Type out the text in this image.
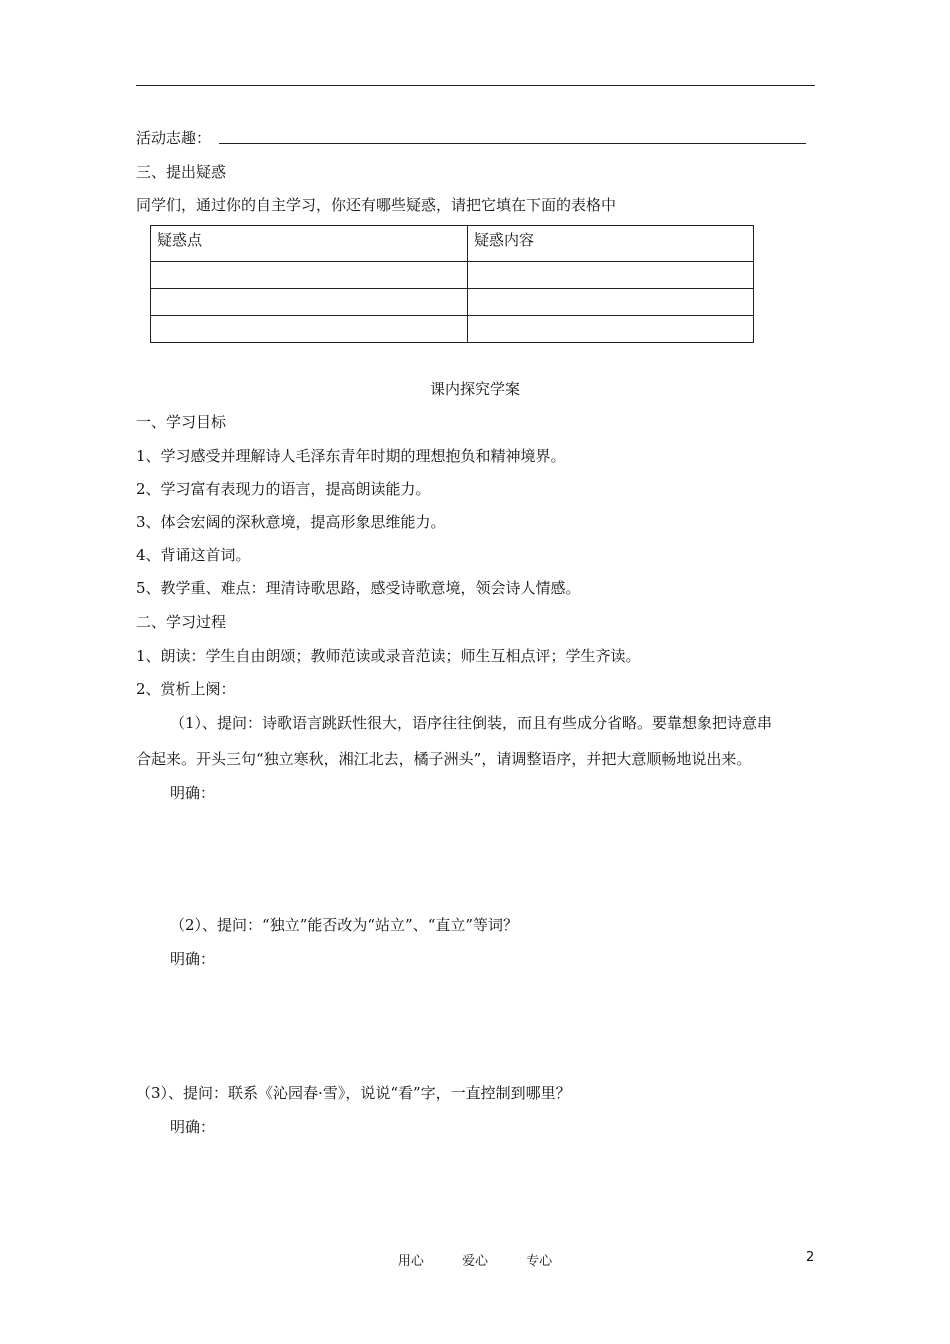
活动志趣：
三、提出疑惑
同学们，通过你的自主学习，你还有哪些疑惑，请把它填在下面的表格中
疑惑点	疑惑内容

课内探究学案
一、学习目标
1、学习感受并理解诗人毛泽东青年时期的理想抱负和精神境界。
2、学习富有表现力的语言，提高朗读能力。
3、体会宏阔的深秋意境，提高形象思维能力。
4、背诵这首词。
5、教学重、难点：理清诗歌思路，感受诗歌意境，领会诗人情感。
二、学习过程
1、朗读：学生自由朗颂；教师范读或录音范读；师生互相点评；学生齐读。
2、赏析上阕：
（1）、提问：诗歌语言跳跃性很大，语序往往倒装，而且有些成分省略。要靠想象把诗意串
合起来。开头三句“独立寒秋，湘江北去，橘子洲头”，请调整语序，并把大意顺畅地说出来。
明确：
（2）、提问：“独立”能否改为“站立”、“直立”等词？
明确：
（3）、提问：联系《沁园春·雪》，说说“看”字，一直控制到哪里？
明确：
用心	爱心	专心	2
